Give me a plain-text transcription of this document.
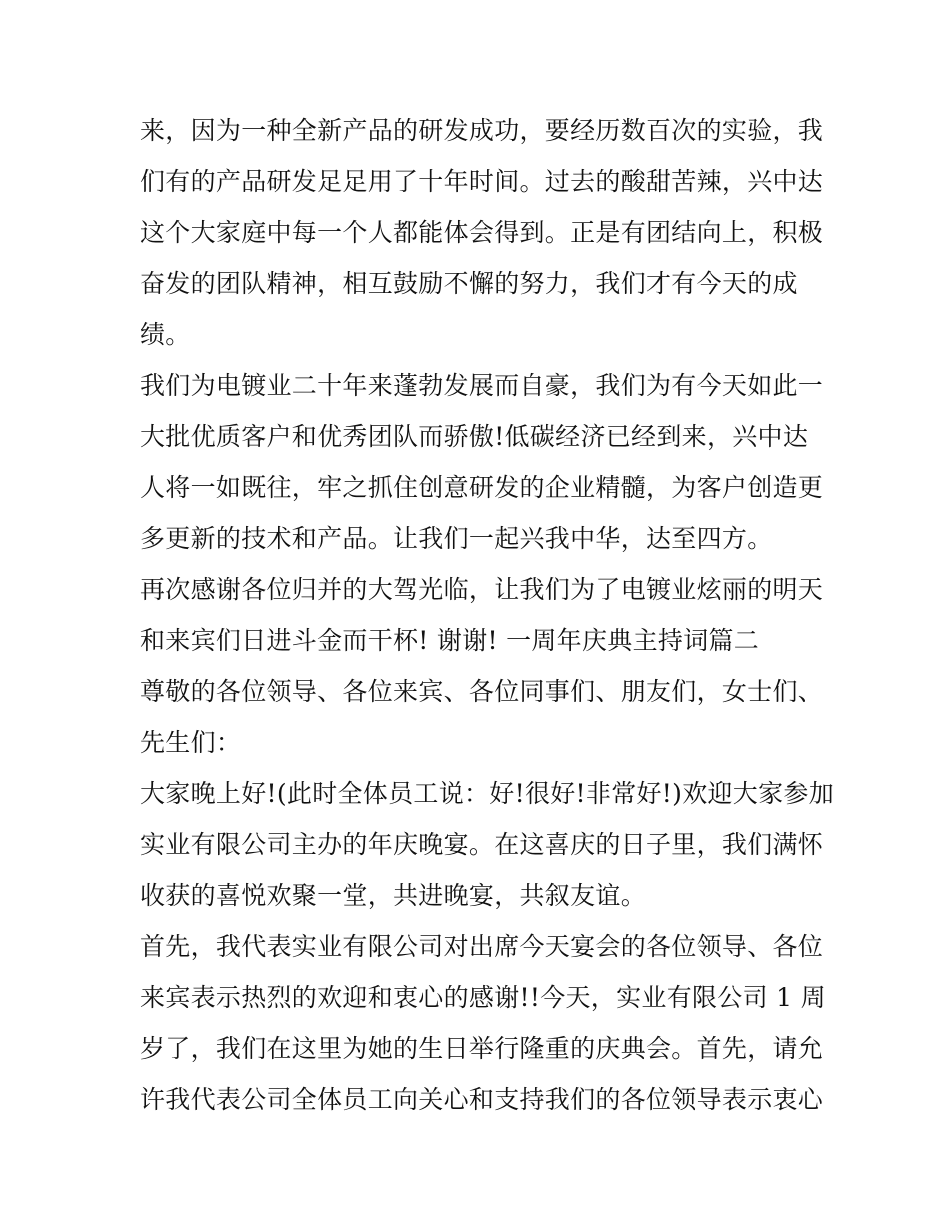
来，因为一种全新产品的研发成功，要经历数百次的实验，我
们有的产品研发足足用了十年时间。过去的酸甜苦辣，兴中达
这个大家庭中每一个人都能体会得到。正是有团结向上，积极
奋发的团队精神，相互鼓励不懈的努力，我们才有今天的成
绩。
我们为电镀业二十年来蓬勃发展而自豪，我们为有今天如此一
大批优质客户和优秀团队而骄傲!低碳经济已经到来，兴中达
人将一如既往，牢之抓住创意研发的企业精髓，为客户创造更
多更新的技术和产品。让我们一起兴我中华，达至四方。
再次感谢各位归并的大驾光临，让我们为了电镀业炫丽的明天
和来宾们日进斗金而干杯! 谢谢! 一周年庆典主持词篇二
尊敬的各位领导、各位来宾、各位同事们、朋友们，女士们、
先生们：
大家晚上好!(此时全体员工说：好!很好!非常好!)欢迎大家参加
实业有限公司主办的年庆晚宴。在这喜庆的日子里，我们满怀
收获的喜悦欢聚一堂，共进晚宴，共叙友谊。
首先，我代表实业有限公司对出席今天宴会的各位领导、各位
来宾表示热烈的欢迎和衷心的感谢!!今天，实业有限公司 1 周
岁了，我们在这里为她的生日举行隆重的庆典会。首先，请允
许我代表公司全体员工向关心和支持我们的各位领导表示衷心
